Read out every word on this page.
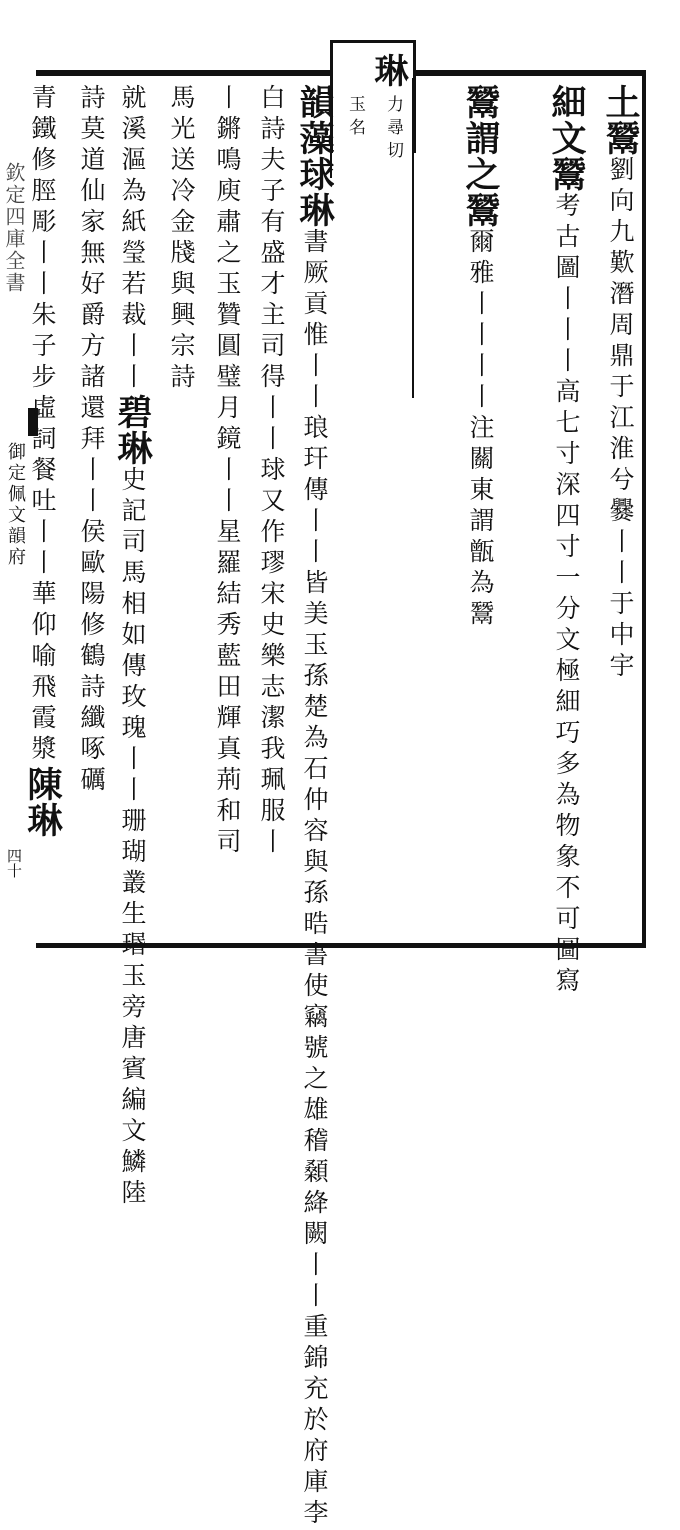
欽定四庫全書
御定佩文韻府
四十
琳
力尋切
玉名	土鬵劉向九歎潛周鼎于江淮兮爨丨丨于中宇
細文鬵考古圖丨丨丨高七寸深四寸一分文極細巧多為物象不可圖寫
鬵謂之鬵爾雅丨丨丨丨注關東謂甑為鬵
韻藻球琳書厥貢惟丨丨琅玕傳丨丨皆美玉孫楚為石仲容與孫晧書使竊號之雄稽顙絳闕丨丨重錦充於府庫李
白詩夫子有盛才主司得丨丨球又作璆宋史樂志潔我珮服丨
丨鏘鳴庾肅之玉贊圓璧月鏡丨丨星羅結秀藍田輝真荊和司
馬光送冷金牋與興宗詩
就溪漚為紙瑩若裁丨丨碧琳史記司馬相如傳玫瑰丨丨珊瑚叢生瑉玉旁唐賓編文鱗陸
詩莫道仙家無好爵方諸還拜丨丨侯歐陽修鶴詩纖啄礪
青鐵修脛彫丨丨朱子步虛詞餐吐丨丨華仰喻飛霞漿陳琳
